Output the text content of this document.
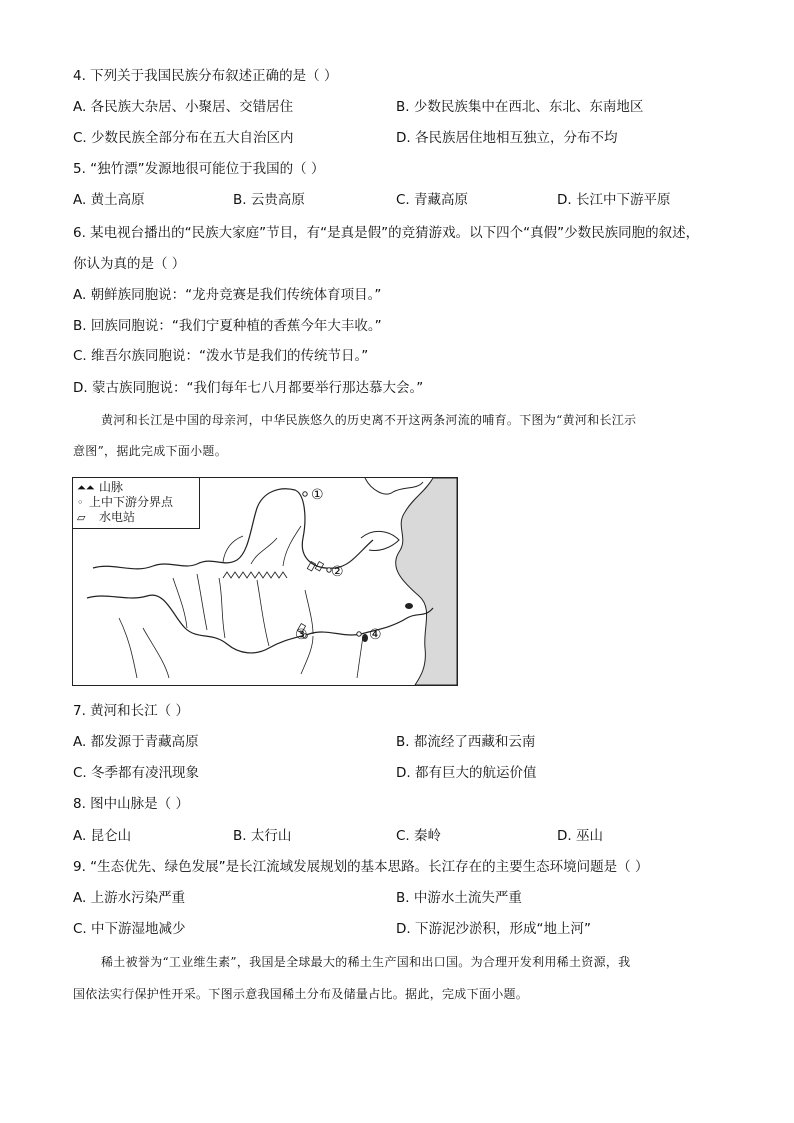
4. 下列关于我国民族分布叙述正确的是（ ）
A. 各民族大杂居、小聚居、交错居住	B. 少数民族集中在西北、东北、东南地区
C. 少数民族全部分布在五大自治区内	D. 各民族居住地相互独立，分布不均
5. “独竹漂”发源地很可能位于我国的（ ）
A. 黄土高原	B. 云贵高原	C. 青藏高原	D. 长江中下游平原
6. 某电视台播出的“民族大家庭”节目，有“是真是假”的竞猜游戏。以下四个“真假”少数民族同胞的叙述，
你认为真的是（ ）
A. 朝鲜族同胞说：“龙舟竞赛是我们传统体育项目。”
B. 回族同胞说：“我们宁夏种植的香蕉今年大丰收。”
C. 维吾尔族同胞说：“泼水节是我们的传统节日。”
D. 蒙古族同胞说：“我们每年七八月都要举行那达慕大会。”
黄河和长江是中国的母亲河，中华民族悠久的历史离不开这两条河流的哺育。下图为“黄河和长江示
意图”，据此完成下面小题。
⏶⏶ 山脉
◦ 上中下游分界点
▱ 水电站
①
②
③	④
7. 黄河和长江（ ）
A. 都发源于青藏高原	B. 都流经了西藏和云南
C. 冬季都有凌汛现象	D. 都有巨大的航运价值
8. 图中山脉是（ ）
A. 昆仑山	B. 太行山	C. 秦岭	D. 巫山
9. “生态优先、绿色发展”是长江流域发展规划的基本思路。长江存在的主要生态环境问题是（ ）
A. 上游水污染严重	B. 中游水土流失严重
C. 中下游湿地减少	D. 下游泥沙淤积，形成“地上河”
稀土被誉为“工业维生素”，我国是全球最大的稀土生产国和出口国。为合理开发利用稀土资源，我
国依法实行保护性开采。下图示意我国稀土分布及储量占比。据此，完成下面小题。
